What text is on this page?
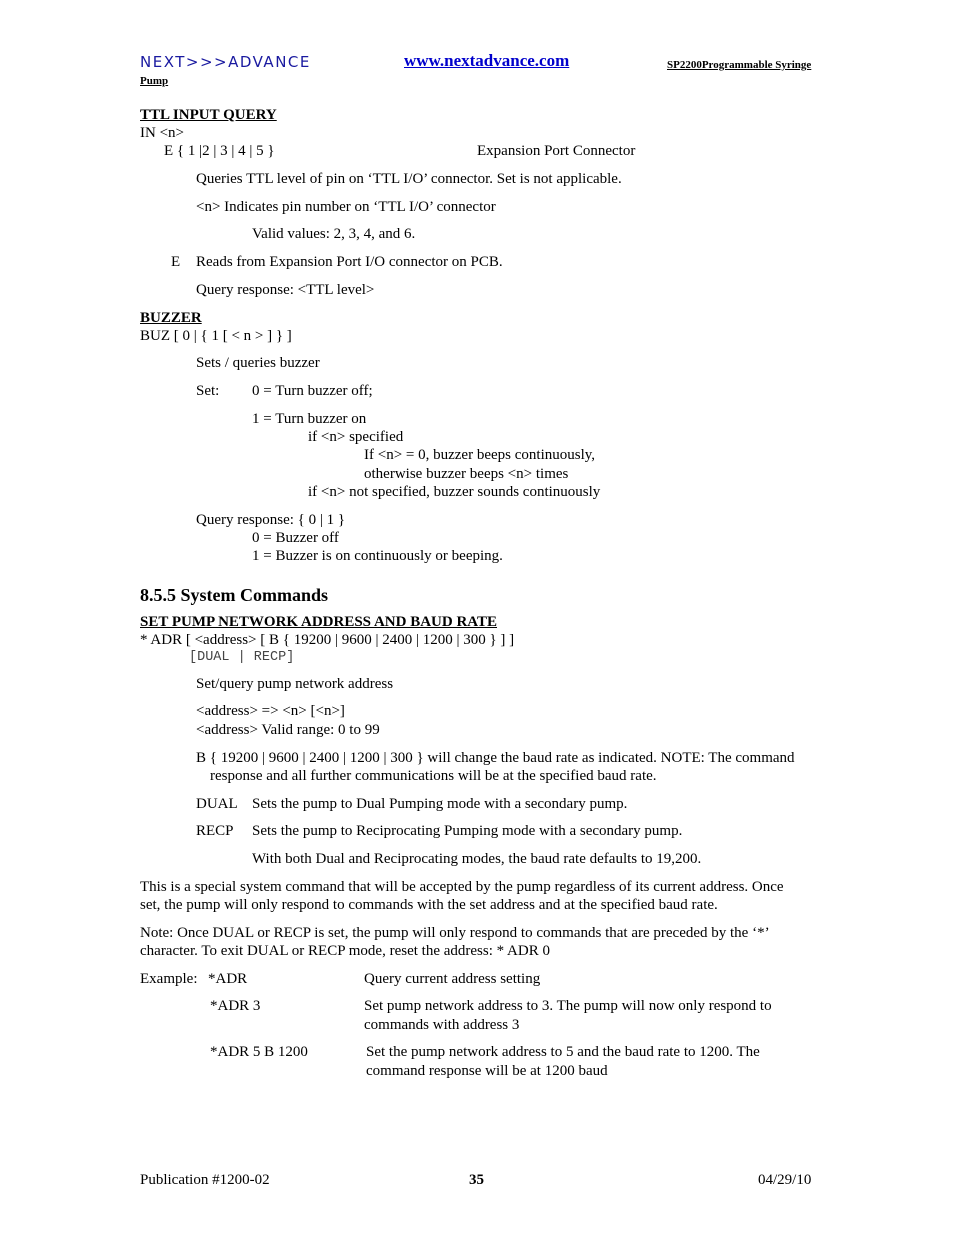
NEXT>>>ADVANCE	www.nextadvance.com	SP2200Programmable Syringe
Pump
TTL INPUT QUERY
IN <n>
E { 1 |2 | 3 | 4 | 5 }	Expansion Port Connector
Queries TTL level of pin on ‘TTL I/O’ connector. Set is not applicable.
<n> Indicates pin number on ‘TTL I/O’ connector
Valid values: 2, 3, 4, and 6.
E Reads from Expansion Port I/O connector on PCB.
Query response: <TTL level>
BUZZER
BUZ [ 0 | { 1 [ < n > ] } ]
Sets / queries buzzer
Set: 0 = Turn buzzer off;
1 = Turn buzzer on
if <n> specified
If <n> = 0, buzzer beeps continuously,
otherwise buzzer beeps <n> times
if <n> not specified, buzzer sounds continuously
Query response: { 0 | 1 }
0 = Buzzer off
1 = Buzzer is on continuously or beeping.
8.5.5 System Commands
SET PUMP NETWORK ADDRESS AND BAUD RATE
* ADR [ <address> [ B { 19200 | 9600 | 2400 | 1200 | 300 } ] ]
[DUAL | RECP]
Set/query pump network address
<address> => <n> [<n>]
<address> Valid range: 0 to 99
B { 19200 | 9600 | 2400 | 1200 | 300 } will change the baud rate as indicated. NOTE: The command
response and all further communications will be at the specified baud rate.
DUAL Sets the pump to Dual Pumping mode with a secondary pump.
RECP Sets the pump to Reciprocating Pumping mode with a secondary pump.
With both Dual and Reciprocating modes, the baud rate defaults to 19,200.
This is a special system command that will be accepted by the pump regardless of its current address. Once
set, the pump will only respond to commands with the set address and at the specified baud rate.
Note: Once DUAL or RECP is set, the pump will only respond to commands that are preceded by the ‘*’
character. To exit DUAL or RECP mode, reset the address: * ADR 0
Example: *ADR	Query current address setting
*ADR 3	Set pump network address to 3. The pump will now only respond to
commands with address 3
*ADR 5 B 1200	Set the pump network address to 5 and the baud rate to 1200. The
command response will be at 1200 baud
Publication #1200-02	35	04/29/10
